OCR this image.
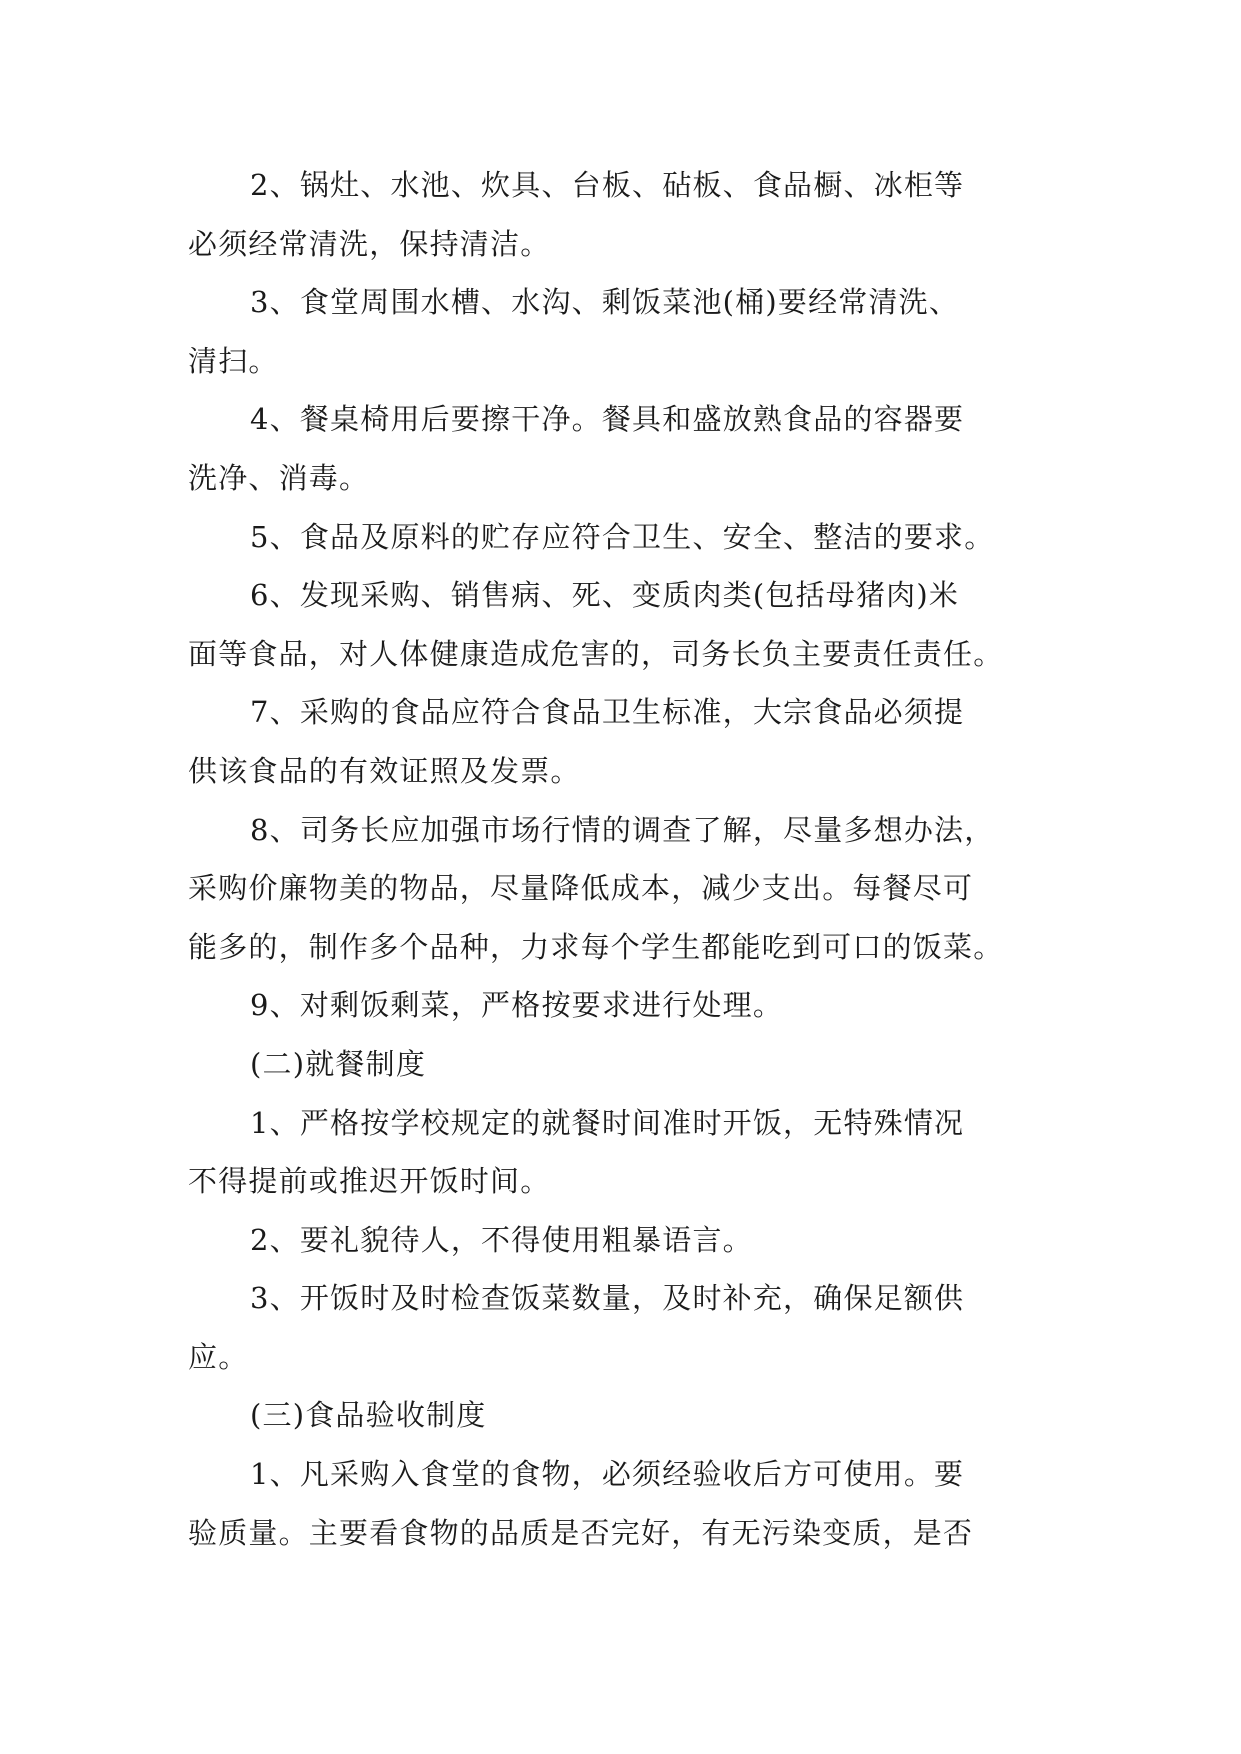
2、锅灶、水池、炊具、台板、砧板、食品橱、冰柜等
必须经常清洗，保持清洁。
3、食堂周围水槽、水沟、剩饭菜池(桶)要经常清洗、
清扫。
4、餐桌椅用后要擦干净。餐具和盛放熟食品的容器要
洗净、消毒。
5、食品及原料的贮存应符合卫生、安全、整洁的要求。
6、发现采购、销售病、死、变质肉类(包括母猪肉)米
面等食品，对人体健康造成危害的，司务长负主要责任责任。
7、采购的食品应符合食品卫生标准，大宗食品必须提
供该食品的有效证照及发票。
8、司务长应加强市场行情的调查了解，尽量多想办法，
采购价廉物美的物品，尽量降低成本，减少支出。每餐尽可
能多的，制作多个品种，力求每个学生都能吃到可口的饭菜。
9、对剩饭剩菜，严格按要求进行处理。
(二)就餐制度
1、严格按学校规定的就餐时间准时开饭，无特殊情况
不得提前或推迟开饭时间。
2、要礼貌待人，不得使用粗暴语言。
3、开饭时及时检查饭菜数量，及时补充，确保足额供
应。
(三)食品验收制度
1、凡采购入食堂的食物，必须经验收后方可使用。要
验质量。主要看食物的品质是否完好，有无污染变质，是否
